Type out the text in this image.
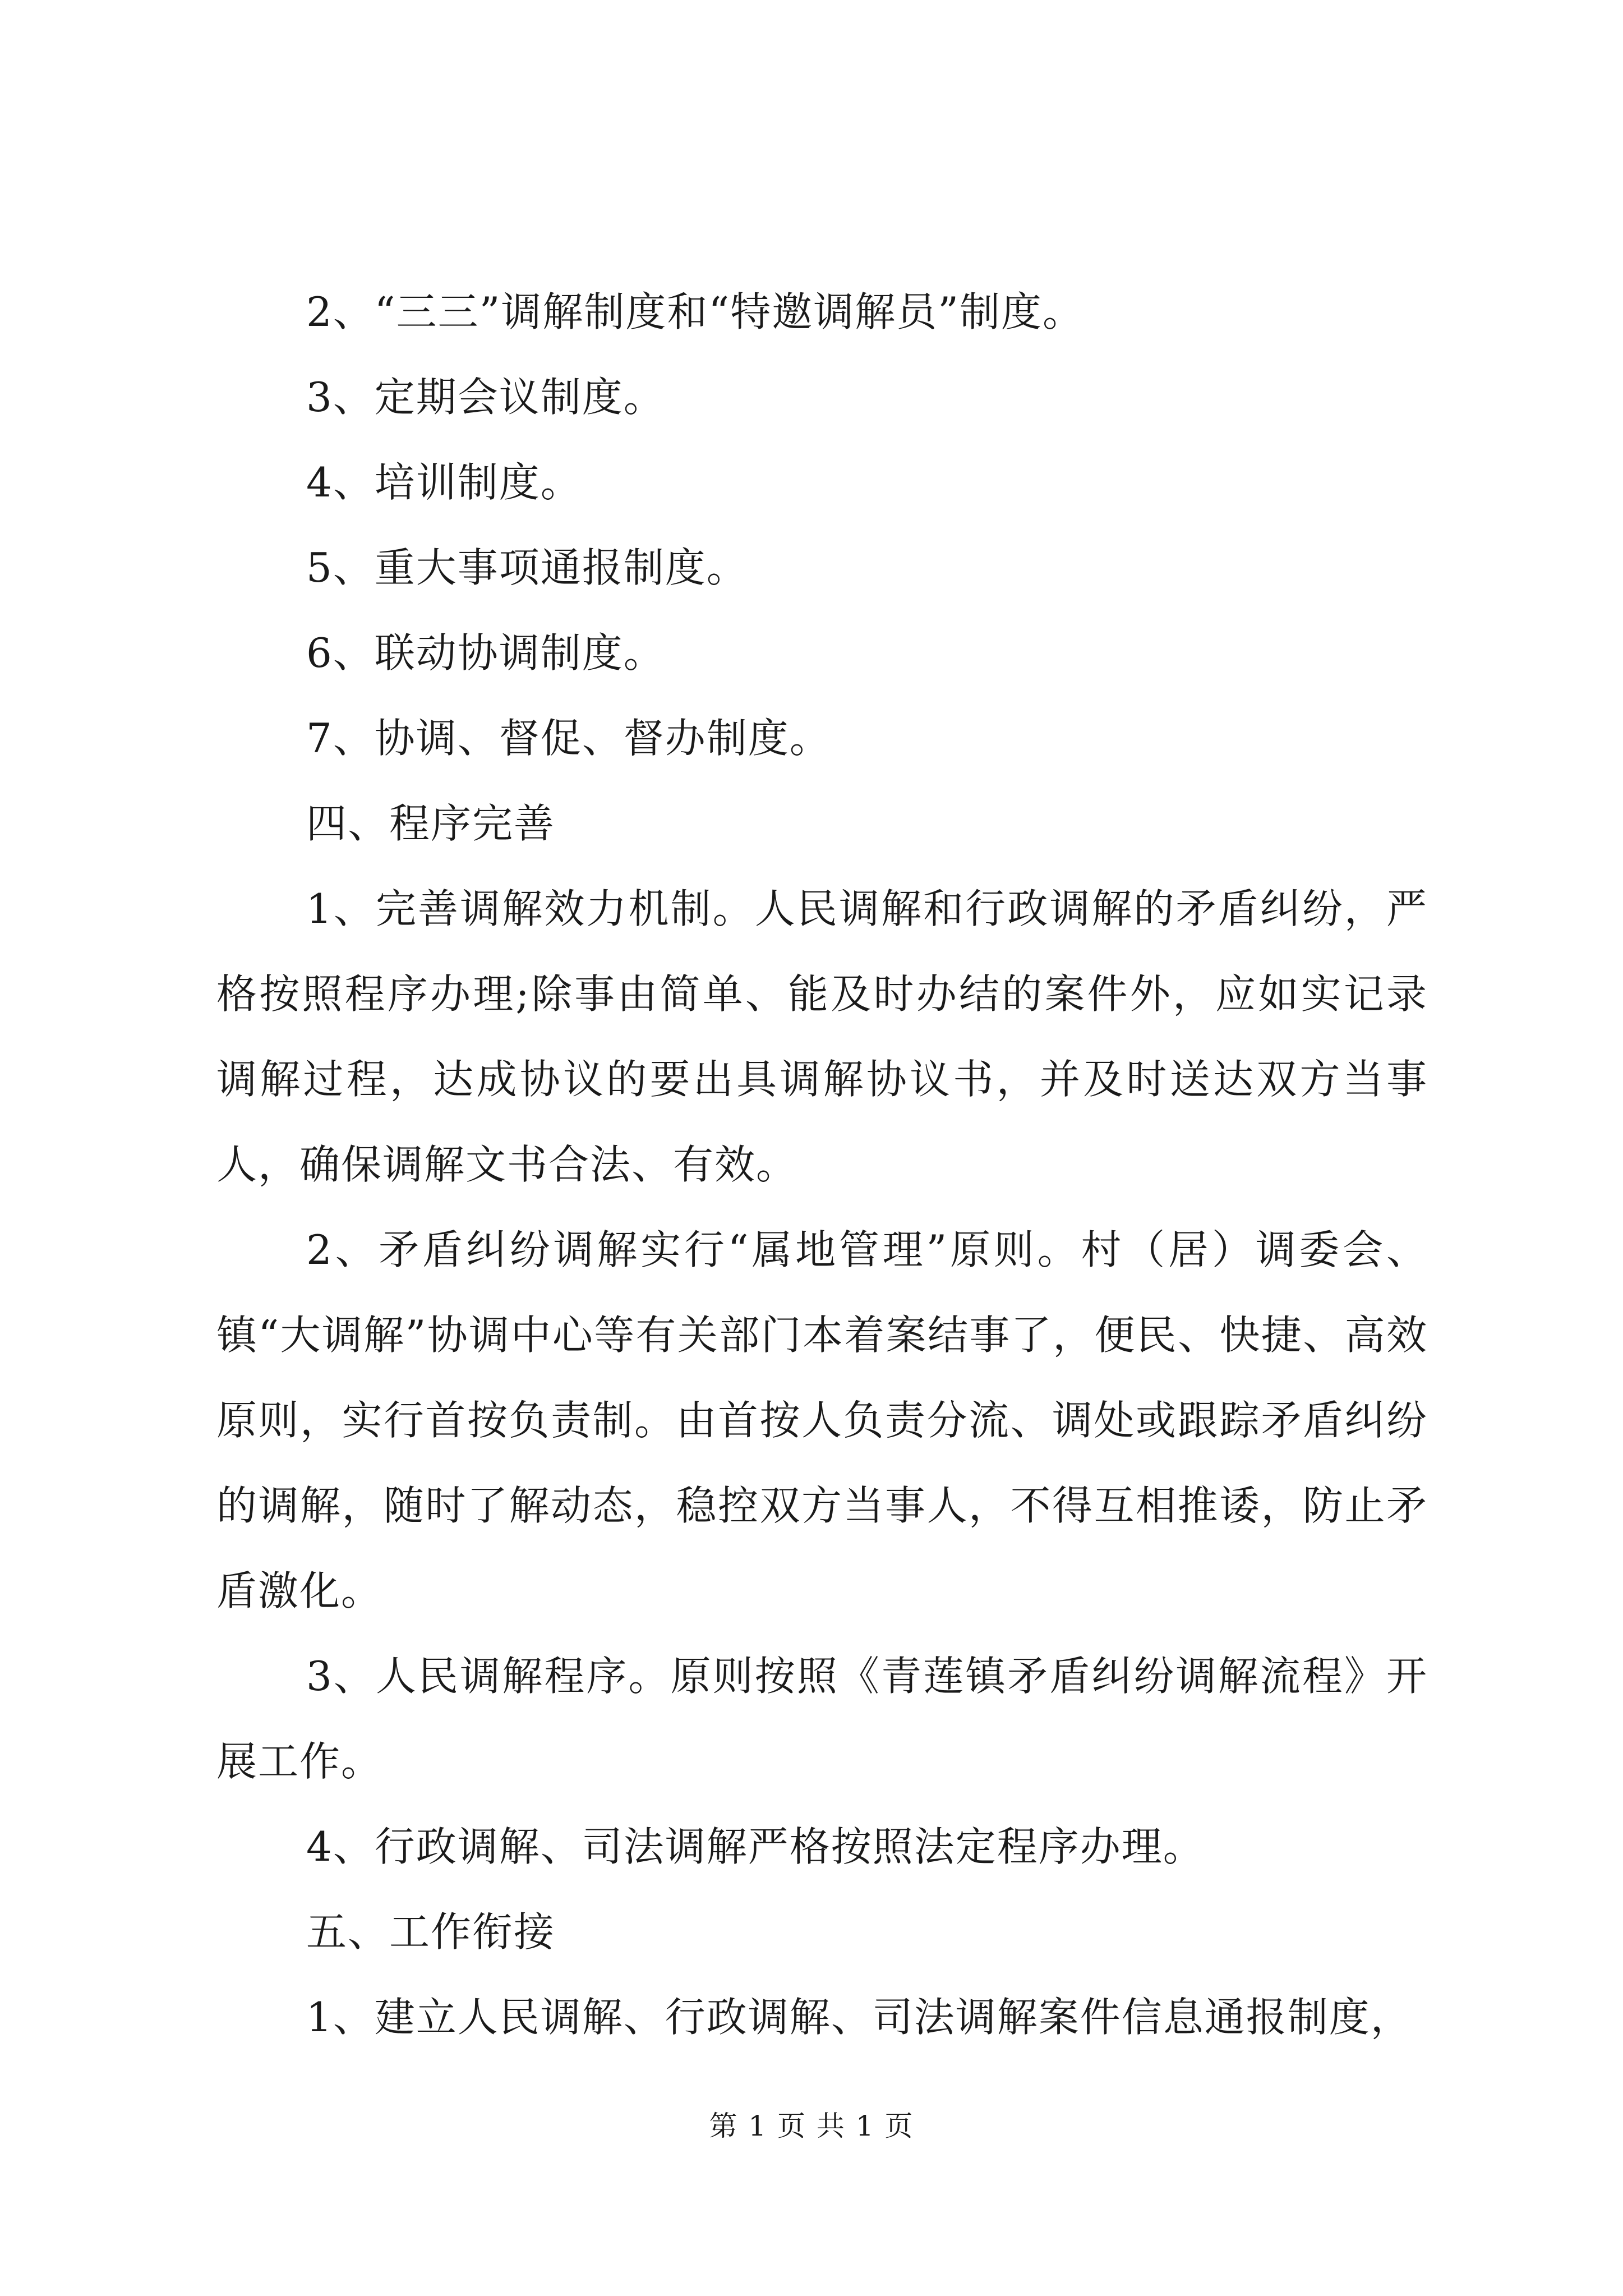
2、“三三”调解制度和“特邀调解员”制度。

3、定期会议制度。

4、培训制度。

5、重大事项通报制度。

6、联动协调制度。

7、协调、督促、督办制度。

四、程序完善

1、完善调解效力机制。人民调解和行政调解的矛盾纠纷，严格按照程序办理;除事由简单、能及时办结的案件外，应如实记录调解过程，达成协议的要出具调解协议书，并及时送达双方当事人，确保调解文书合法、有效。

2、矛盾纠纷调解实行“属地管理”原则。村（居）调委会、镇“大调解”协调中心等有关部门本着案结事了，便民、快捷、高效原则，实行首按负责制。由首按人负责分流、调处或跟踪矛盾纠纷的调解，随时了解动态，稳控双方当事人，不得互相推诿，防止矛盾激化。

3、人民调解程序。原则按照《青莲镇矛盾纠纷调解流程》开展工作。

4、行政调解、司法调解严格按照法定程序办理。

五、工作衔接

1、建立人民调解、行政调解、司法调解案件信息通报制度，

第 1 页 共 1 页
